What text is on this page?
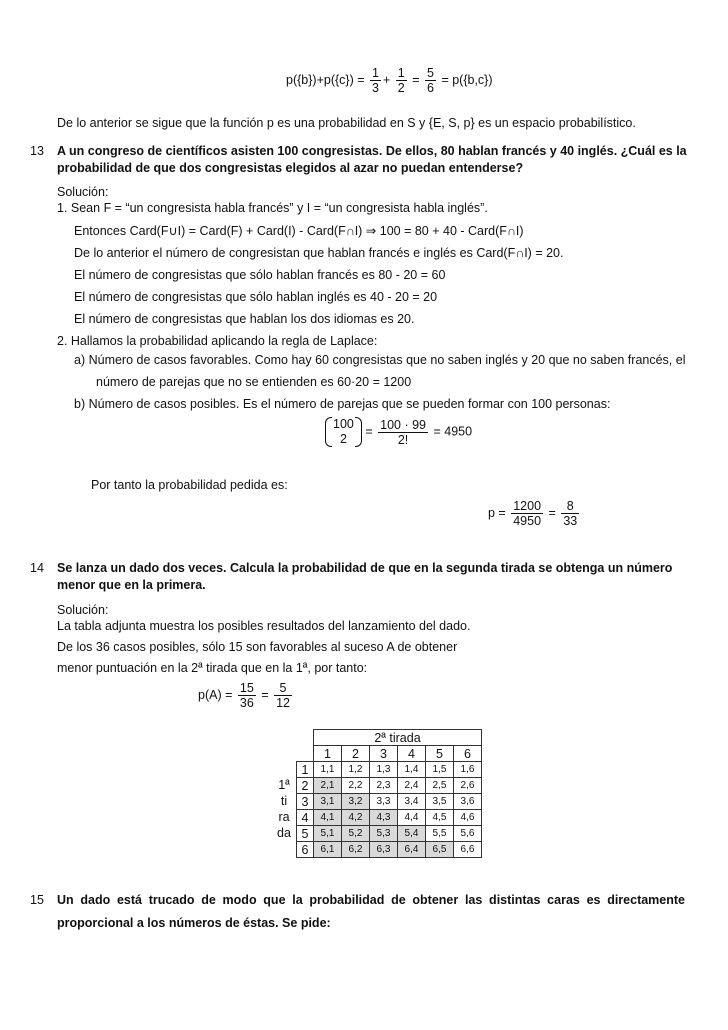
$p(\{b\})+p(\{c\}) = \frac{1}{3} + \frac{1}{2} = \frac{5}{6} = p(\{b,c\})$
De lo anterior se sigue que la función p es una probabilidad en S y {E, S, p} es un espacio probabilístico.
13 A un congreso de científicos asisten 100 congresistas. De ellos, 80 hablan francés y 40 inglés. ¿Cuál es la
probabilidad de que dos congresistas elegidos al azar no puedan entenderse?
Solución:
1. Sean F = “un congresista habla francés” y I = “un congresista habla inglés”.
Entonces Card(F∪I) = Card(F) + Card(I) - Card(F∩I) ⇒ 100 = 80 + 40 - Card(F∩I)
De lo anterior el número de congresistan que hablan francés e inglés es Card(F∩I) = 20.
El número de congresistas que sólo hablan francés es 80 - 20 = 60
El número de congresistas que sólo hablan inglés es 40 - 20 = 20
El número de congresistas que hablan los dos idiomas es 20.
2. Hallamos la probabilidad aplicando la regla de Laplace:
a) Número de casos favorables. Como hay 60 congresistas que no saben inglés y 20 que no saben francés, el
número de parejas que no se entienden es 60·20 = 1200
b) Número de casos posibles. Es el número de parejas que se pueden formar con 100 personas:
100
2
= $\frac{100 \cdot 99}{2!} = 4950$
Por tanto la probabilidad pedida es:
$p = \frac{1200}{4950} = \frac{8}{33}$
14 Se lanza un dado dos veces. Calcula la probabilidad de que en la segunda tirada se obtenga un número
menor que en la primera.
Solución:
La tabla adjunta muestra los posibles resultados del lanzamiento del dado.
De los 36 casos posibles, sólo 15 son favorables al suceso A de obtener
menor puntuación en la 2ª tirada que en la 1ª, por tanto:
$p(A) = \frac{15}{36} = \frac{5}{12}$
		2ª tirada					
		1	2	3	4	5	6
	1	1,1	1,2	1,3	1,4	1,5	1,6
1ª	2	2,1	2,2	2,3	2,4	2,5	2,6
ti	3	3,1	3,2	3,3	3,4	3,5	3,6
ra	4	4,1	4,2	4,3	4,4	4,5	4,6
da	5	5,1	5,2	5,3	5,4	5,5	5,6
	6	6,1	6,2	6,3	6,4	6,5	6,6
15 Un dado está trucado de modo que la probabilidad de obtener las distintas caras es directamente
proporcional a los números de éstas. Se pide:
